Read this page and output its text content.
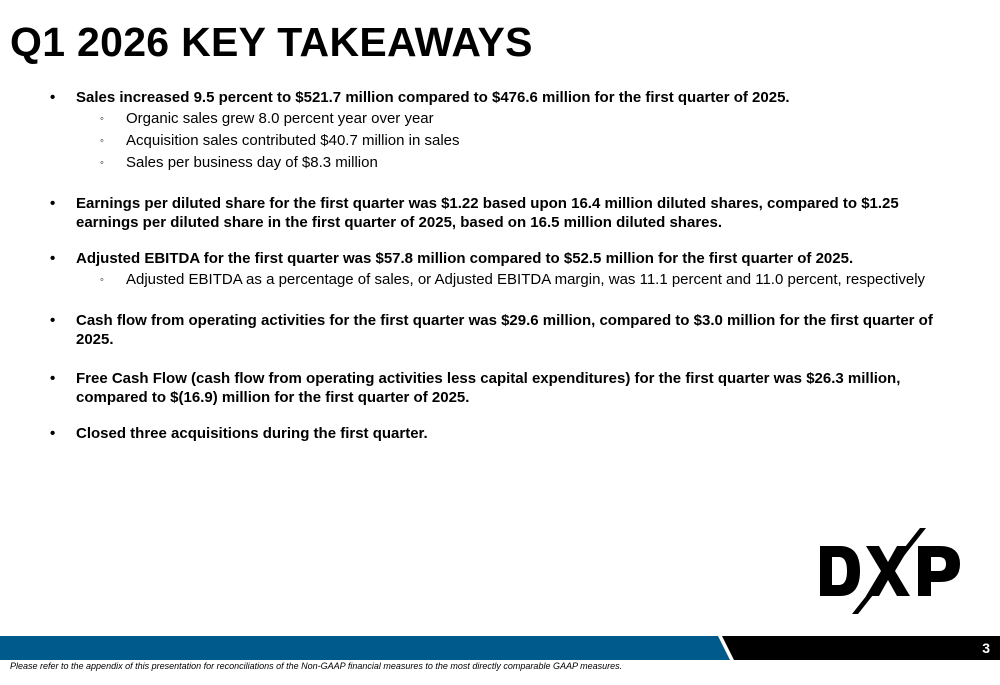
Q1 2026 KEY TAKEAWAYS
• Sales increased 9.5 percent to $521.7 million compared to $476.6 million for the first quarter of 2025.
◦ Organic sales grew 8.0 percent year over year
◦ Acquisition sales contributed $40.7 million in sales
◦ Sales per business day of $8.3 million
• Earnings per diluted share for the first quarter was $1.22 based upon 16.4 million diluted shares, compared to $1.25 earnings per diluted share in the first quarter of 2025, based on 16.5 million diluted shares.
• Adjusted EBITDA for the first quarter was $57.8 million compared to $52.5 million for the first quarter of 2025.
◦ Adjusted EBITDA as a percentage of sales, or Adjusted EBITDA margin, was 11.1 percent and 11.0 percent, respectively
• Cash flow from operating activities for the first quarter was $29.6 million, compared to $3.0 million for the first quarter of 2025.
• Free Cash Flow (cash flow from operating activities less capital expenditures) for the first quarter was $26.3 million, compared to $(16.9) million for the first quarter of 2025.
• Closed three acquisitions during the first quarter.
3
Please refer to the appendix of this presentation for reconciliations of the Non-GAAP financial measures to the most directly comparable GAAP measures.
